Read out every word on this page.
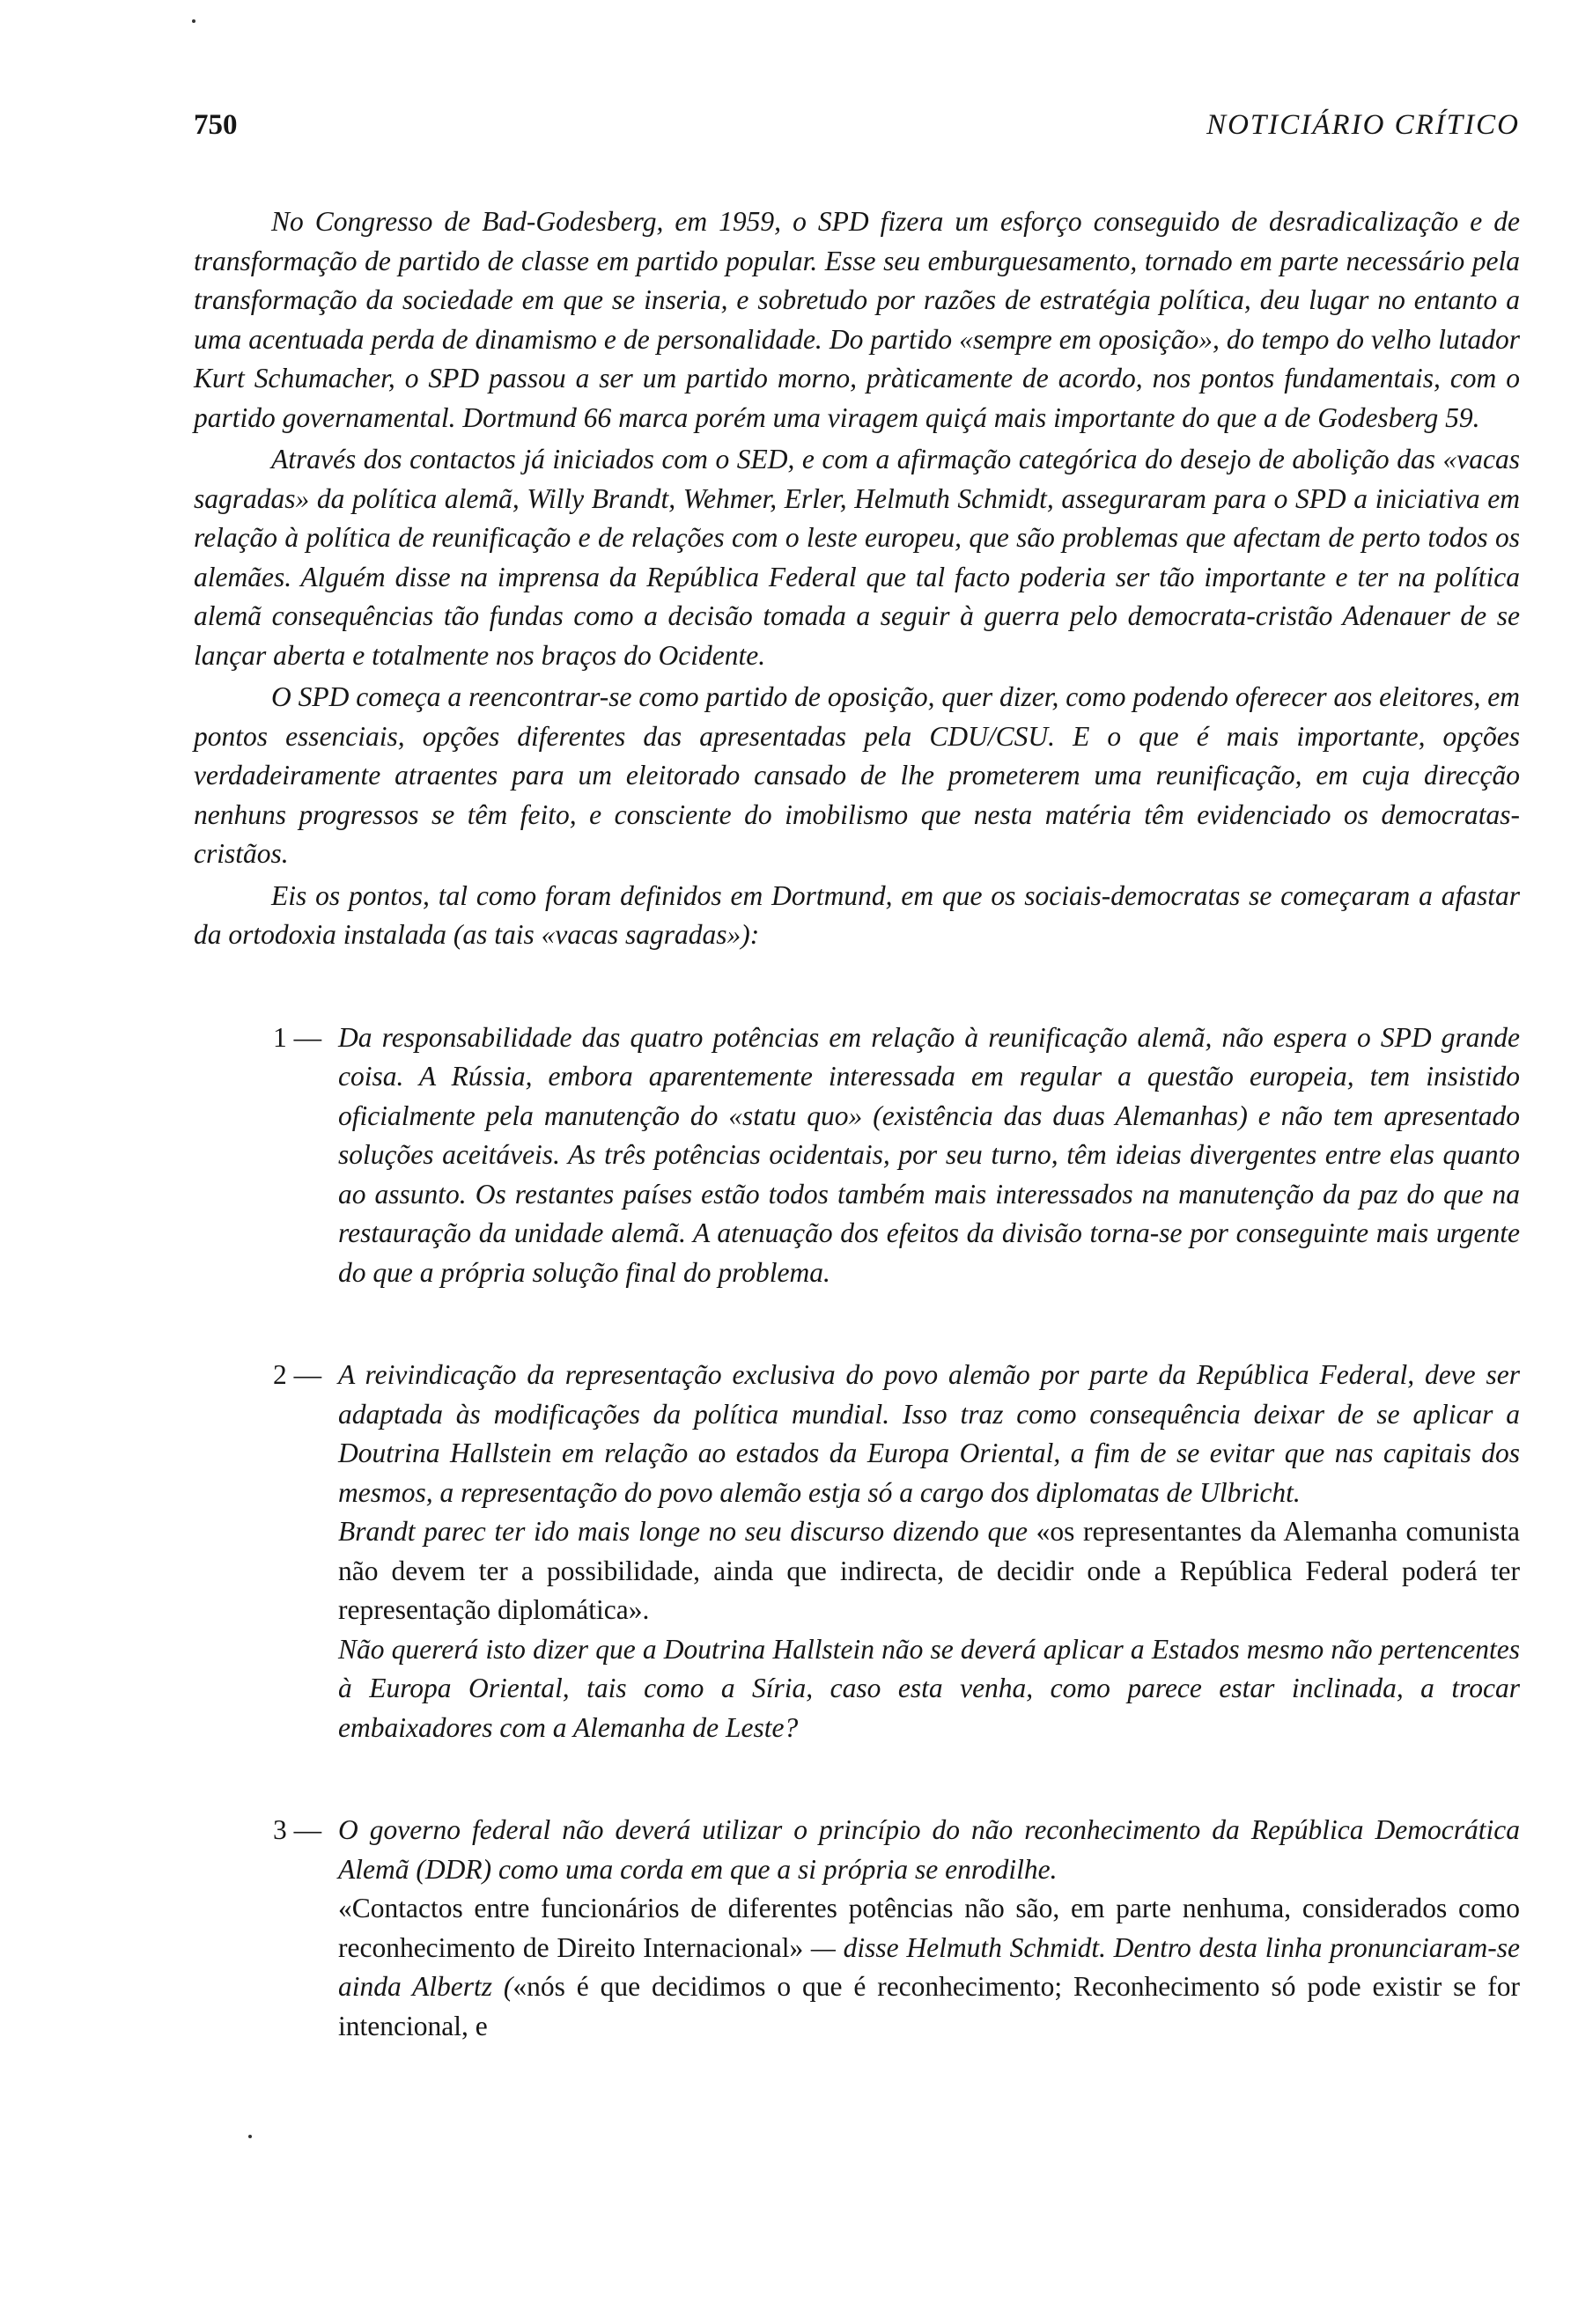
750	NOTICIÁRIO CRÍTICO

No Congresso de Bad-Godesberg, em 1959, o SPD fizera um esforço conseguido de desradicalização e de transformação de partido de classe em partido popular. Esse seu emburguesamento, tornado em parte necessário pela transformação da sociedade em que se inseria, e sobretudo por razões de estratégia política, deu lugar no entanto a uma acentuada perda de dinamismo e de personalidade. Do partido «sempre em oposição», do tempo do velho lutador Kurt Schumacher, o SPD passou a ser um partido morno, pràticamente de acordo, nos pontos fundamentais, com o partido governamental. Dortmund 66 marca porém uma viragem quiçá mais importante do que a de Godesberg 59.

Através dos contactos já iniciados com o SED, e com a afirmação categórica do desejo de abolição das «vacas sagradas» da política alemã, Willy Brandt, Wehmer, Erler, Helmuth Schmidt, asseguraram para o SPD a iniciativa em relação à política de reunificação e de relações com o leste europeu, que são problemas que afectam de perto todos os alemães. Alguém disse na imprensa da República Federal que tal facto poderia ser tão importante e ter na política alemã consequências tão fundas como a decisão tomada a seguir à guerra pelo democrata-cristão Adenauer de se lançar aberta e totalmente nos braços do Ocidente.

O SPD começa a reencontrar-se como partido de oposição, quer dizer, como podendo oferecer aos eleitores, em pontos essenciais, opções diferentes das apresentadas pela CDU/CSU. E o que é mais importante, opções verdadeiramente atraentes para um eleitorado cansado de lhe prometerem uma reunificação, em cuja direcção nenhuns progressos se têm feito, e consciente do imobilismo que nesta matéria têm evidenciado os democratas-cristãos.

Eis os pontos, tal como foram definidos em Dortmund, em que os sociais-democratas se começaram a afastar da ortodoxia instalada (as tais «vacas sagradas»):

1 — Da responsabilidade das quatro potências em relação à reunificação alemã, não espera o SPD grande coisa. A Rússia, embora aparentemente interessada em regular a questão europeia, tem insistido oficialmente pela manutenção do «statu quo» (existência das duas Alemanhas) e não tem apresentado soluções aceitáveis. As três potências ocidentais, por seu turno, têm ideias divergentes entre elas quanto ao assunto. Os restantes países estão todos também mais interessados na manutenção da paz do que na restauração da unidade alemã. A atenuação dos efeitos da divisão torna-se por conseguinte mais urgente do que a própria solução final do problema.

2 — A reivindicação da representação exclusiva do povo alemão por parte da República Federal, deve ser adaptada às modificações da política mundial. Isso traz como consequência deixar de se aplicar a Doutrina Hallstein em relação ao estados da Europa Oriental, a fim de se evitar que nas capitais dos mesmos, a representação do povo alemão estja só a cargo dos diplomatas de Ulbricht.

Brandt parec ter ido mais longe no seu discurso dizendo que «os representantes da Alemanha comunista não devem ter a possibilidade, ainda que indirecta, de decidir onde a República Federal poderá ter representação diplomática».

Não quererá isto dizer que a Doutrina Hallstein não se deverá aplicar a Estados mesmo não pertencentes à Europa Oriental, tais como a Síria, caso esta venha, como parece estar inclinada, a trocar embaixadores com a Alemanha de Leste?

3 — O governo federal não deverá utilizar o princípio do não reconhecimento da República Democrática Alemã (DDR) como uma corda em que a si própria se enrodilhe.

«Contactos entre funcionários de diferentes potências não são, em parte nenhuma, considerados como reconhecimento de Direito Internacional» — disse Helmuth Schmidt. Dentro desta linha pronunciaram-se ainda Albertz («nós é que decidimos o que é reconhecimento; Reconhecimento só pode existir se for intencional, e
